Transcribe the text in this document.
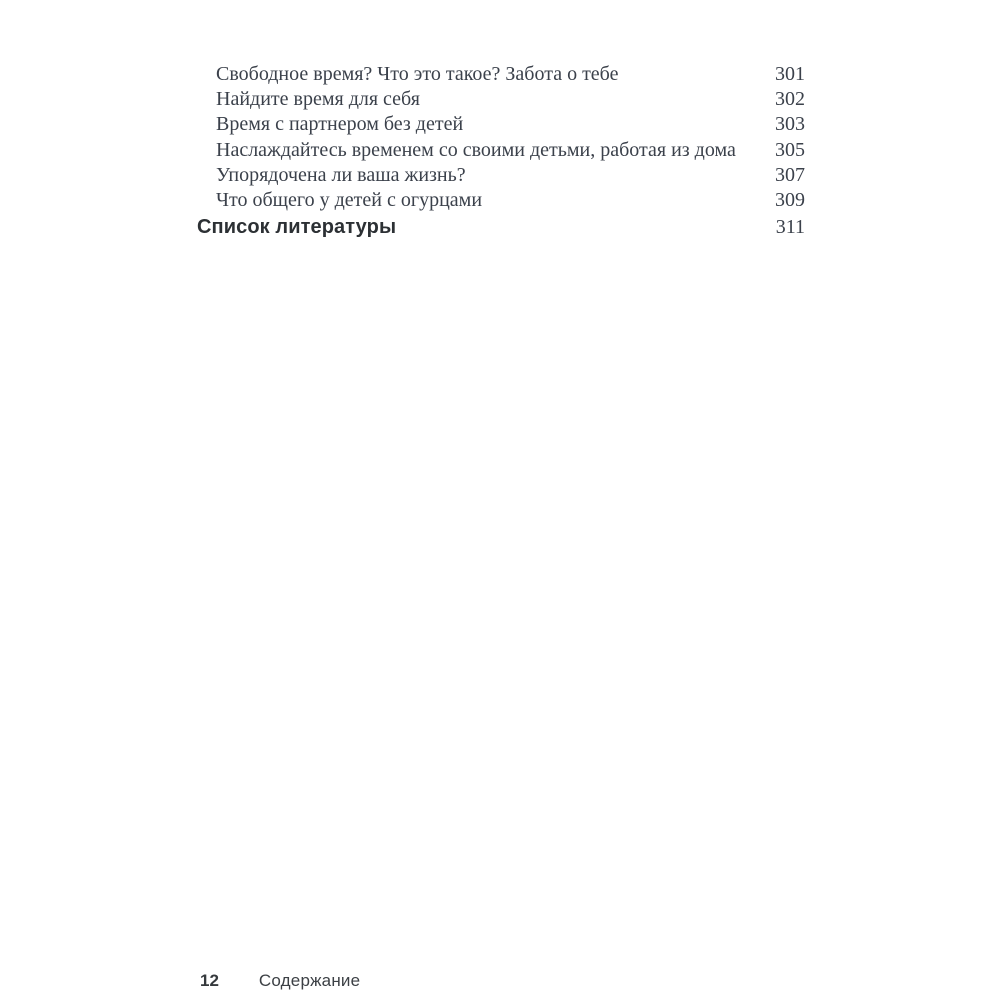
Свободное время? Что это такое? Забота о тебе	301
Найдите время для себя	302
Время с партнером без детей	303
Наслаждайтесь временем со своими детьми, работая из дома	305
Упорядочена ли ваша жизнь?	307
Что общего у детей с огурцами	309
Список литературы	311
12 Содержание
